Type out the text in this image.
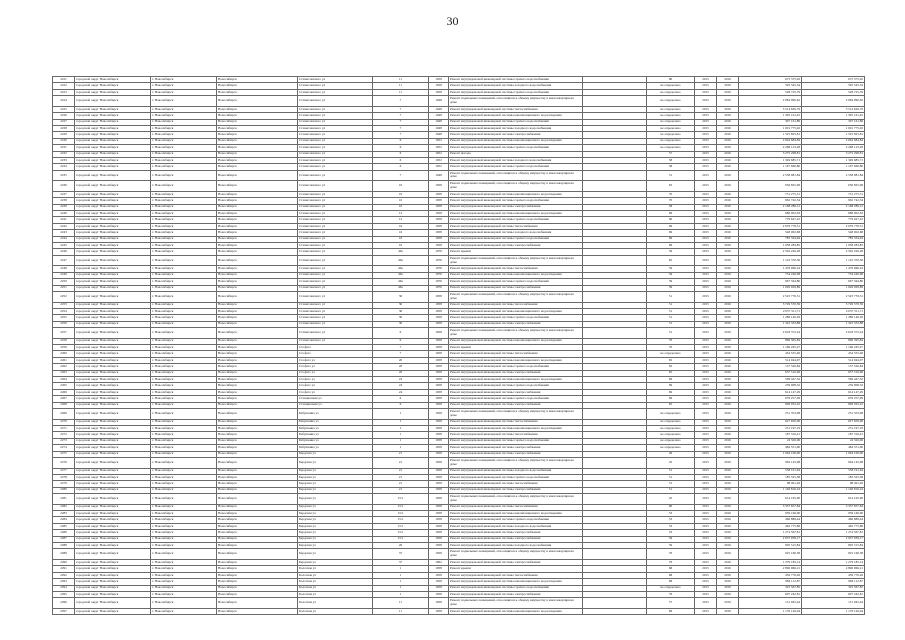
30
2221	городской округ Новосибирск	г. Новосибирск	Новосибирск	Станиславского ул	11	1958	Ремонт внутридомовой инженерной системы горячего водоснабжения		80	2015	2016	675 375,02	675 375,02
2222	городской округ Новосибирск	г. Новосибирск	Новосибирск	Станиславского ул	11	1958	Ремонт внутридомовой инженерной системы холодного водоснабжения		не определено	2015	2016	595 545,54	595 545,54
2223	городской округ Новосибирск	г. Новосибирск	Новосибирск	Станиславского ул	11	1958	Ремонт внутридомовой инженерной системы горячего водоснабжения		не определено	2015	2016	528 725,79	528 725,79
2224	городской округ Новосибирск	г. Новосибирск	Новосибирск	Станиславского ул	7	1948	Ремонт подвальных помещений, относящихся к общему имуществу в многоквартирном доме		не определено	2015	2016	2 084 990,62	2 084 990,62
2225	городской округ Новосибирск	г. Новосибирск	Новосибирск	Станиславского ул	7	1948	Ремонт внутридомовой инженерной системы теплоснабжения		не определено	2015	2016	3 514 626,79	3 514 626,79
2226	городской округ Новосибирск	г. Новосибирск	Новосибирск	Станиславского ул	7	1948	Ремонт внутридомовой инженерной системы канализационного водоотведения		не определено	2015	2016	1 395 161,45	1 395 161,45
2227	городской округ Новосибирск	г. Новосибирск	Новосибирск	Станиславского ул	7	1948	Ремонт внутридомовой инженерной системы горячего водоснабжения		не определено	2015	2016	307 161,89	307 161,89
2228	городской округ Новосибирск	г. Новосибирск	Новосибирск	Станиславского ул	7	1948	Ремонт внутридомовой инженерной системы холодного водоснабжения		не определено	2015	2016	1 001 775,02	1 001 775,02
2229	городской округ Новосибирск	г. Новосибирск	Новосибирск	Станиславского ул	7	1948	Ремонт внутридомовой инженерной системы электроснабжения		не определено	2015	2016	1 525 825,81	1 525 825,81
2230	городской округ Новосибирск	г. Новосибирск	Новосибирск	Станиславского ул	6	1952	Ремонт внутридомовой инженерной системы канализационного водоотведения		не определено	2015	2016	2 664 684,84	2 664 684,84
2231	городской округ Новосибирск	г. Новосибирск	Новосибирск	Станиславского ул	6	1952	Ремонт внутридомовой инженерной системы горячего водоснабжения		не определено	2015	2016	2 268 123,28	2 268 123,28
2232	городской округ Новосибирск	г. Новосибирск	Новосибирск	Станиславского ул	6	1952	Ремонт фасада		57	2015	2016	3 275 298,81	3 275 298,81
2233	городской округ Новосибирск	г. Новосибирск	Новосибирск	Станиславского ул	6	1952	Ремонт внутридомовой инженерной системы холодного водоснабжения		58	2015	2016	1 349 685,71	1 349 685,71
2234	городской округ Новосибирск	г. Новосибирск	Новосибирск	Станиславского ул	6	1952	Ремонт внутридомовой инженерной системы горячего водоснабжения		58	2015	2016	1 167 666,80	1 167 666,80
2235	городской округ Новосибирск	г. Новосибирск	Новосибирск	Станиславского ул	7	1948	Ремонт подвальных помещений, относящихся к общему имуществу в многоквартирном доме		51	2015	2016	2 558 981,84	2 558 981,84
2236	городской округ Новосибирск	г. Новосибирск	Новосибирск	Станиславского ул	10	1958	Ремонт подвальных помещений, относящихся к общему имуществу в многоквартирном доме		65	2015	2016	656 825,06	656 825,06
2237	городской округ Новосибирск	г. Новосибирск	Новосибирск	Станиславского ул	10	1958	Ремонт внутридомовой инженерной системы канализационного водоотведения		70	2015	2016	751 275,51	751 275,51
2238	городской округ Новосибирск	г. Новосибирск	Новосибирск	Станиславского ул	10	1958	Ремонт внутридомовой инженерной системы горячего водоснабжения		70	2015	2016	962 742,34	962 742,34
2239	городской округ Новосибирск	г. Новосибирск	Новосибирск	Станиславского ул	10	1958	Ремонт внутридомовой инженерной системы электроснабжения		58	2015	2016	2 168 286,12	2 168 286,12
2240	городской округ Новосибирск	г. Новосибирск	Новосибирск	Станиславского ул	12	1958	Ремонт внутридомовой инженерной системы канализационного водоотведения		69	2015	2016	686 902,63	686 902,63
2241	городской округ Новосибирск	г. Новосибирск	Новосибирск	Станиславского ул	12	1958	Ремонт внутридомовой инженерной системы горячего водоснабжения		60	2015	2016	779 627,22	779 627,22
2242	городской округ Новосибирск	г. Новосибирск	Новосибирск	Станиславского ул	16	1958	Ремонт внутридомовой инженерной системы теплоснабжения		69	2015	2016	2 076 778,51	2 076 778,51
2243	городской округ Новосибирск	г. Новосибирск	Новосибирск	Станиславского ул	16	1958	Ремонт внутридомовой инженерной системы холодного водоснабжения		69	2015	2016	548 002,68	548 002,68
2244	городской округ Новосибирск	г. Новосибирск	Новосибирск	Станиславского ул	16	1958	Ремонт внутридомовой инженерной системы горячего водоснабжения		69	2015	2016	785 334,94	785 334,94
2245	городской округ Новосибирск	г. Новосибирск	Новосибирск	Станиславского ул	16	1958	Ремонт внутридомовой инженерной системы электроснабжения		69	2015	2016	1 058 283,85	1 058 283,85
2246	городской округ Новосибирск	г. Новосибирск	Новосибирск	Станиславского ул	46а	1976	Ремонт крыши		59	2015	2016	2 592 226,28	2 592 226,28
2247	городской округ Новосибирск	г. Новосибирск	Новосибирск	Станиславского ул	46а	1976	Ремонт подвальных помещений, относящихся к общему имуществу в многоквартирном доме		65	2015	2016	1 122 370,56	1 122 370,56
2248	городской округ Новосибирск	г. Новосибирск	Новосибирск	Станиславского ул	46а	1976	Ремонт внутридомовой инженерной системы теплоснабжения		59	2015	2016	1 476 960,24	1 476 960,24
2249	городской округ Новосибирск	г. Новосибирск	Новосибирск	Станиславского ул	46а	1976	Ремонт внутридомовой инженерной системы канализационного водоотведения		59	2015	2016	754 240,08	754 240,08
2250	городской округ Новосибирск	г. Новосибирск	Новосибирск	Станиславского ул	46а	1976	Ремонт внутридомовой инженерной системы горячего водоснабжения		59	2015	2016	667 564,80	667 564,80
2251	городской округ Новосибирск	г. Новосибирск	Новосибирск	Станиславского ул	46а	1976	Ремонт внутридомовой инженерной системы электроснабжения		59	2015	2016	1 026 929,89	1 026 929,89
2252	городской округ Новосибирск	г. Новосибирск	Новосибирск	Станиславского ул	30	1958	Ремонт подвальных помещений, относящихся к общему имуществу в многоквартирном доме		51	2015	2016	2 525 776,31	2 525 776,31
2253	городской округ Новосибирск	г. Новосибирск	Новосибирск	Станиславского ул	30	1958	Ремонт внутридомовой инженерной системы теплоснабжения		51	2015	2016	3 729 570,59	3 729 570,59
2254	городской округ Новосибирск	г. Новосибирск	Новосибирск	Станиславского ул	30	1958	Ремонт внутридомовой инженерной системы канализационного водоотведения		51	2015	2016	2 037 311,71	2 037 311,71
2255	городской округ Новосибирск	г. Новосибирск	Новосибирск	Станиславского ул	30	1958	Ремонт внутридомовой инженерной системы горячего водоснабжения		51	2015	2016	1 286 140,29	1 286 140,29
2256	городской округ Новосибирск	г. Новосибирск	Новосибирск	Станиславского ул	30	1958	Ремонт внутридомовой инженерной системы электроснабжения		51	2015	2016	1 322 333,88	1 322 333,88
2257	городской округ Новосибирск	г. Новосибирск	Новосибирск	Станиславского ул	9	1958	Ремонт подвальных помещений, относящихся к общему имуществу в многоквартирном доме		51	2015	2016	2 618 372,24	2 618 372,24
2258	городской округ Новосибирск	г. Новосибирск	Новосибирск	Станиславского ул	9	1958	Ремонт внутридомовой инженерной системы канализационного водоотведения		70	2015	2016	866 365,84	866 365,84
2259	городской округ Новосибирск	г. Новосибирск	Новосибирск	Стофато	7	1958	Ремонт крыши		70	2015	2016	1 166 245,27	1 166 245,27
2260	городской округ Новосибирск	г. Новосибирск	Новосибирск	Стофато	7	1958	Ремонт внутридомовой инженерной системы теплоснабжения		не определено	2015	2016	454 555,46	454 555,46
2261	городской округ Новосибирск	г. Новосибирск	Новосибирск	Стофато ул	20	1958	Ремонт внутридомовой инженерной системы канализационного водоотведения		65	2015	2016	514 044,07	514 044,07
2262	городской округ Новосибирск	г. Новосибирск	Новосибирск	Стофато ул	20	1958	Ремонт внутридомовой инженерной системы горячего водоснабжения		65	2015	2016	157 526,84	157 526,84
2263	городской округ Новосибирск	г. Новосибирск	Новосибирск	Стофато ул	20	1958	Ремонт внутридомовой инженерной системы электроснабжения		65	2015	2016	637 516,06	637 516,06
2264	городской округ Новосибирск	г. Новосибирск	Новосибирск	Стофато ул	24	1958	Ремонт внутридомовой инженерной системы канализационного водоотведения		69	2015	2016	569 447,32	569 447,32
2265	городской округ Новосибирск	г. Новосибирск	Новосибирск	Стофато ул	24	1958	Ремонт внутридомовой инженерной системы горячего водоснабжения		69	2015	2016	259 908,32	259 908,32
2266	городской округ Новосибирск	г. Новосибирск	Новосибирск	Стофато ул	24	1958	Ремонт внутридомовой инженерной системы электроснабжения		69	2015	2016	614 147,29	614 147,29
2267	городской округ Новосибирск	г. Новосибирск	Новосибирск	Станционная ул	6	1958	Ремонт внутридомовой инженерной системы горячего водоснабжения		69	2015	2016	676 257,09	676 257,09
2268	городской округ Новосибирск	г. Новосибирск	Новосибирск	Станционная ул	6	1958	Ремонт внутридомовой инженерной системы электроснабжения		65	2015	2016	699 032,22	699 032,22
2269	городской округ Новосибирск	г. Новосибирск	Новосибирск	Бабушкина ул	1	1958	Ремонт подвальных помещений, относящихся к общему имуществу в многоквартирном доме		не определено	2015	2016	251 353,08	251 353,08
2270	городской округ Новосибирск	г. Новосибирск	Новосибирск	Бабушкина ул	1	1958	Ремонт внутридомовой инженерной системы теплоснабжения		не определено	2015	2016	627 650,06	627 650,06
2271	городской округ Новосибирск	г. Новосибирск	Новосибирск	Бабушкина ул	1	1958	Ремонт внутридомовой инженерной системы канализационного водоотведения		не определено	2015	2016	251 197,19	251 197,19
2272	городской округ Новосибирск	г. Новосибирск	Новосибирск	Бабушкина ул	1	1958	Ремонт внутридомовой инженерной системы теплоснабжения		не определено	2015	2016	187 316,41	187 316,41
2273	городской округ Новосибирск	г. Новосибирск	Новосибирск	Бабушкина ул	1	1958	Ремонт внутридомовой инженерной системы горячего водоснабжения		не определено	2015	2016	24 326,06	24 326,06
2274	городской округ Новосибирск	г. Новосибирск	Новосибирск	Бабушкина ул	1	1958	Ремонт внутридомовой инженерной системы электроснабжения		не определено	2015	2016	484 551,00	484 551,00
2275	городской округ Новосибирск	г. Новосибирск	Новосибирск	Бердская ул	21	1958	Ремонт внутридомовой инженерной системы электроснабжения		49	2015	2016	1 064 106,00	1 064 106,00
2276	городской округ Новосибирск	г. Новосибирск	Новосибирск	Бердская ул	21	1958	Ремонт подвальных помещений, относящихся к общему имуществу в многоквартирном доме		45	2015	2016	964 145,98	964 145,98
2277	городской округ Новосибирск	г. Новосибирск	Новосибирск	Бердская ул	21	1958	Ремонт внутридомовой инженерной системы холодного водоснабжения		51	2015	2016	558 191,64	558 191,64
2278	городской округ Новосибирск	г. Новосибирск	Новосибирск	Бердская ул	21	1958	Ремонт внутридомовой инженерной системы горячего водоснабжения		51	2015	2016	185 525,38	185 525,38
2279	городской округ Новосибирск	г. Новосибирск	Новосибирск	Бердская ул	21	1958	Ремонт внутридомовой инженерной системы теплоснабжения		51	2015	2016	98 491,26	98 491,26
2280	городской округ Новосибирск	г. Новосибирск	Новосибирск	Бердская ул	21	1958	Ремонт внутридомовой инженерной системы электроснабжения		51	2015	2016	1 146 816,24	1 146 816,24
2281	городской округ Новосибирск	г. Новосибирск	Новосибирск	Бердская ул	15/1	1958	Ремонт подвальных помещений, относящихся к общему имуществу в многоквартирном доме		45	2015	2016	614 195,00	614 195,00
2282	городской округ Новосибирск	г. Новосибирск	Новосибирск	Бердская ул	15/1	1958	Ремонт внутридомовой инженерной системы теплоснабжения		60	2015	2016	3 337 657,84	3 337 657,84
2283	городской округ Новосибирск	г. Новосибирск	Новосибирск	Бердская ул	15/1	1958	Ремонт внутридомовой инженерной системы канализационного водоотведения		53	2015	2016	959 166,00	959 166,00
2284	городской округ Новосибирск	г. Новосибирск	Новосибирск	Бердская ул	15/1	1958	Ремонт внутридомовой инженерной системы горячего водоснабжения		53	2015	2016	466 889,44	466 889,44
2285	городской округ Новосибирск	г. Новосибирск	Новосибирск	Бердская ул	15/1	1958	Ремонт внутридомовой инженерной системы холодного водоснабжения		53	2015	2016	462 775,86	462 775,86
2286	городской округ Новосибирск	г. Новосибирск	Новосибирск	Бердская ул	15/1	1958	Ремонт внутридомовой инженерной системы электроснабжения		53	2015	2016	1 274 567,81	1 274 567,81
2287	городской округ Новосибирск	г. Новосибирск	Новосибирск	Бердская ул	15/1	1958	Ремонт внутридомовой инженерной системы электроснабжения		59	2015	2016	2 037 939,17	2 037 939,17
2288	городской округ Новосибирск	г. Новосибирск	Новосибирск	Бердская ул	26	1958	Ремонт внутридомовой инженерной системы холодного водоснабжения		59	2015	2016	695 515,84	695 515,84
2289	городской округ Новосибирск	г. Новосибирск	Новосибирск	Бердская ул	37	1958	Ремонт подвальных помещений, относящихся к общему имуществу в многоквартирном доме		76	2015	2016	625 166,58	625 166,58
2290	городской округ Новосибирск	г. Новосибирск	Новосибирск	Бердская ул	37	1962	Ремонт внутридомовой инженерной системы электроснабжения		76	2015	2016	1 279 185,14	1 279 185,14
2291	городской округ Новосибирск	г. Новосибирск	Новосибирск	Болотная ул	1	1958	Ремонт крыши		68	2015	2016	2 896 966,21	2 896 966,21
2292	городской округ Новосибирск	г. Новосибирск	Новосибирск	Болотная ул	1	1958	Ремонт внутридомовой инженерной системы теплоснабжения		68	2015	2016	459 776,26	459 776,26
2293	городской округ Новосибирск	г. Новосибирск	Новосибирск	Болотная ул	1	1958	Ремонт внутридомовой инженерной системы канализационного водоотведения		68	2015	2016	984 112,87	984 112,87
2294	городской округ Новосибирск	г. Новосибирск	Новосибирск	Болотная ул	1	1958	Ремонт внутридомовой инженерной системы горячего водоснабжения		не определено	2015	2016	325 567,85	325 567,85
2295	городской округ Новосибирск	г. Новосибирск	Новосибирск	Болотная ул	1	1958	Ремонт внутридомовой инженерной системы электроснабжения		79	2015	2016	607 242,81	607 242,81
2296	городской округ Новосибирск	г. Новосибирск	Новосибирск	Болотная ул	11	1958	Ремонт подвальных помещений, относящихся к общему имуществу в многоквартирном доме		57	2015	2016	151 945,44	151 945,44
2297	городской округ Новосибирск	г. Новосибирск	Новосибирск	Болотная ул	11	1958	Ремонт внутридомовой инженерной системы канализационного водоотведения		69	2015	2016	1 176 126,04	1 176 126,04
